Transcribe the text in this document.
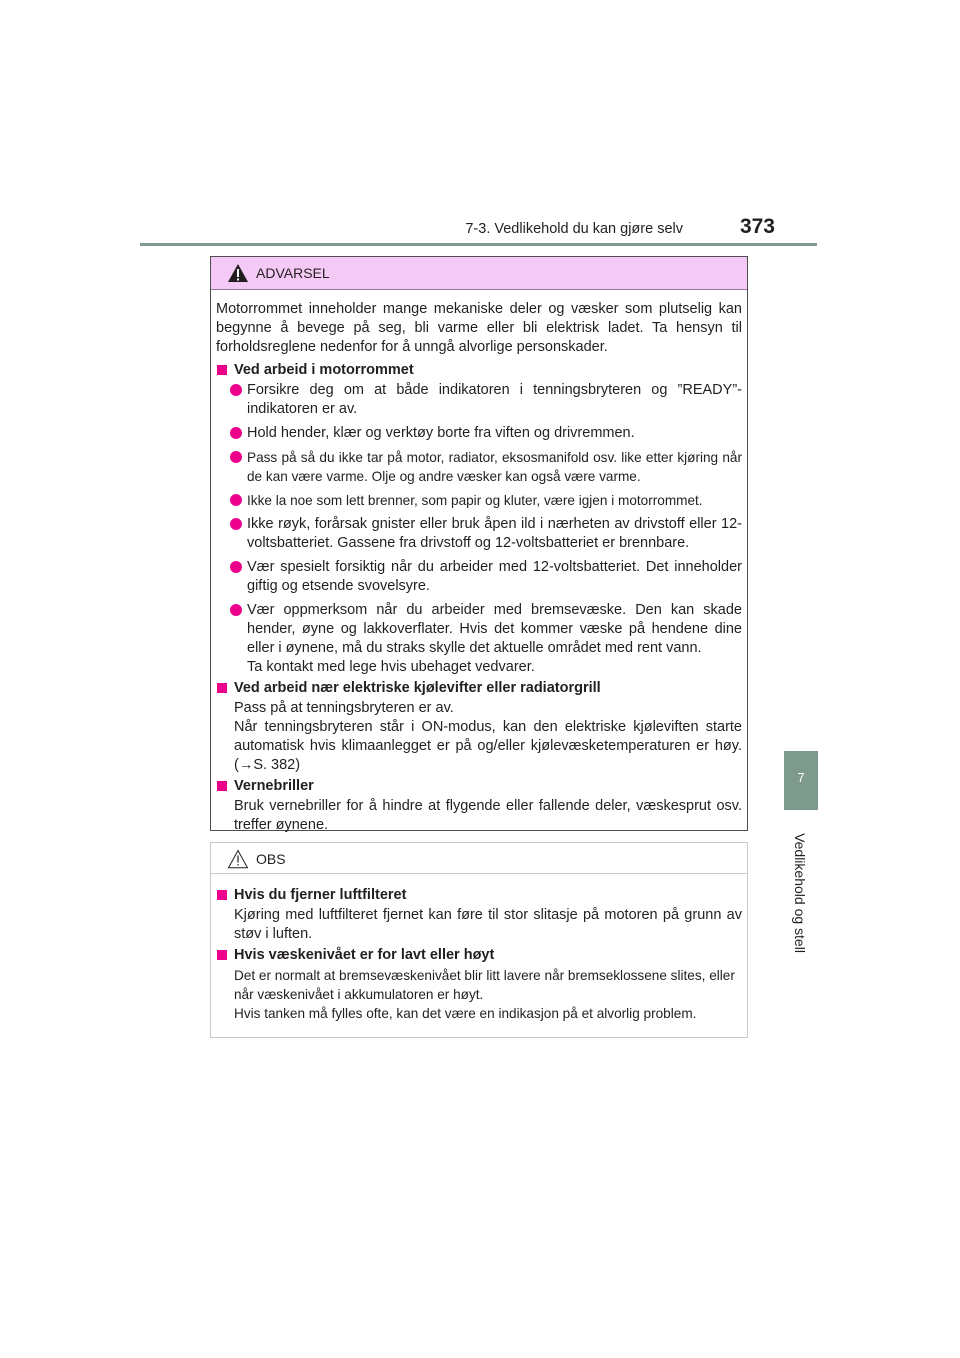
7-3. Vedlikehold du kan gjøre selv	373
7
Vedlikehold og stell
ADVARSEL

Motorrommet inneholder mange mekaniske deler og væsker som plutselig kan begynne å bevege på seg, bli varme eller bli elektrisk ladet. Ta hensyn til forholdsreglene nedenfor for å unngå alvorlige personskader.

Ved arbeid i motorrommet
Forsikre deg om at både indikatoren i tenningsbryteren og ”READY”-indikatoren er av.
Hold hender, klær og verktøy borte fra viften og drivremmen.
Pass på så du ikke tar på motor, radiator, eksosmanifold osv. like etter kjøring når de kan være varme. Olje og andre væsker kan også være varme.
Ikke la noe som lett brenner, som papir og kluter, være igjen i motorrommet.
Ikke røyk, forårsak gnister eller bruk åpen ild i nærheten av drivstoff eller 12-voltsbatteriet. Gassene fra drivstoff og 12-voltsbatteriet er brennbare.
Vær spesielt forsiktig når du arbeider med 12-voltsbatteriet. Det inneholder giftig og etsende svovelsyre.
Vær oppmerksom når du arbeider med bremsevæske. Den kan skade hender, øyne og lakkoverflater. Hvis det kommer væske på hendene dine eller i øynene, må du straks skylle det aktuelle området med rent vann.

Ta kontakt med lege hvis ubehaget vedvarer.

Ved arbeid nær elektriske kjølevifter eller radiatorgrill

Pass på at tenningsbryteren er av.

Når tenningsbryteren står i ON-modus, kan den elektriske kjøleviften starte automatisk hvis klimaanlegget er på og/eller kjølevæsketemperaturen er høy. (→S. 382)

Vernebriller

Bruk vernebriller for å hindre at flygende eller fallende deler, væskesprut osv. treffer øynene.

OBS
Hvis du fjerner luftfilteret

Kjøring med luftfilteret fjernet kan føre til stor slitasje på motoren på grunn av støv i luften.

Hvis væskenivået er for lavt eller høyt

Det er normalt at bremsevæskenivået blir litt lavere når bremseklossene slites, eller når væskenivået i akkumulatoren er høyt.

Hvis tanken må fylles ofte, kan det være en indikasjon på et alvorlig problem.
